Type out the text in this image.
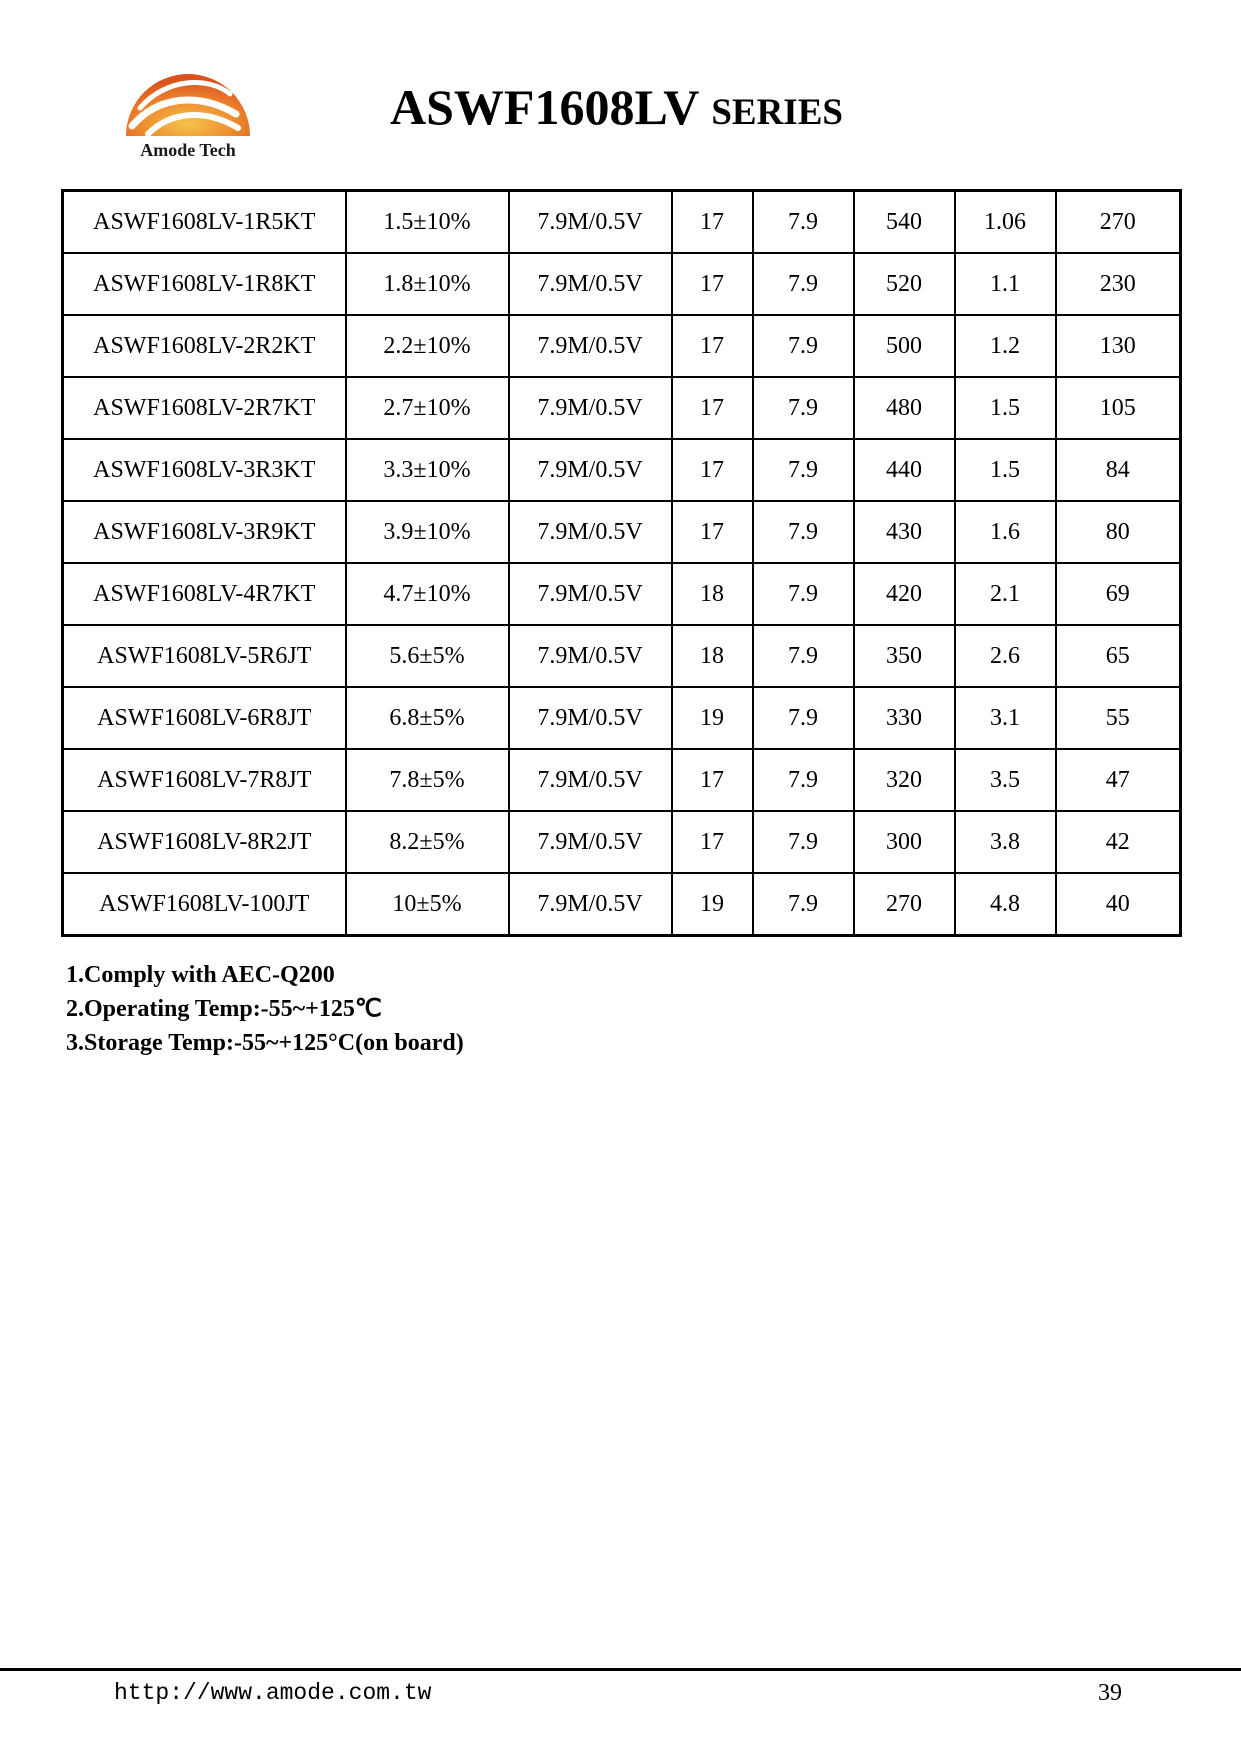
Amode Tech
ASWF1608LV SERIES
ASWF1608LV-1R5KT	1.5±10%	7.9M/0.5V	17	7.9	540	1.06	270
ASWF1608LV-1R8KT	1.8±10%	7.9M/0.5V	17	7.9	520	1.1	230
ASWF1608LV-2R2KT	2.2±10%	7.9M/0.5V	17	7.9	500	1.2	130
ASWF1608LV-2R7KT	2.7±10%	7.9M/0.5V	17	7.9	480	1.5	105
ASWF1608LV-3R3KT	3.3±10%	7.9M/0.5V	17	7.9	440	1.5	84
ASWF1608LV-3R9KT	3.9±10%	7.9M/0.5V	17	7.9	430	1.6	80
ASWF1608LV-4R7KT	4.7±10%	7.9M/0.5V	18	7.9	420	2.1	69
ASWF1608LV-5R6JT	5.6±5%	7.9M/0.5V	18	7.9	350	2.6	65
ASWF1608LV-6R8JT	6.8±5%	7.9M/0.5V	19	7.9	330	3.1	55
ASWF1608LV-7R8JT	7.8±5%	7.9M/0.5V	17	7.9	320	3.5	47
ASWF1608LV-8R2JT	8.2±5%	7.9M/0.5V	17	7.9	300	3.8	42
ASWF1608LV-100JT	10±5%	7.9M/0.5V	19	7.9	270	4.8	40
1.Comply with AEC-Q200
2.Operating Temp:-55~+125℃
3.Storage Temp:-55~+125°C(on board)
http://www.amode.com.tw	39
